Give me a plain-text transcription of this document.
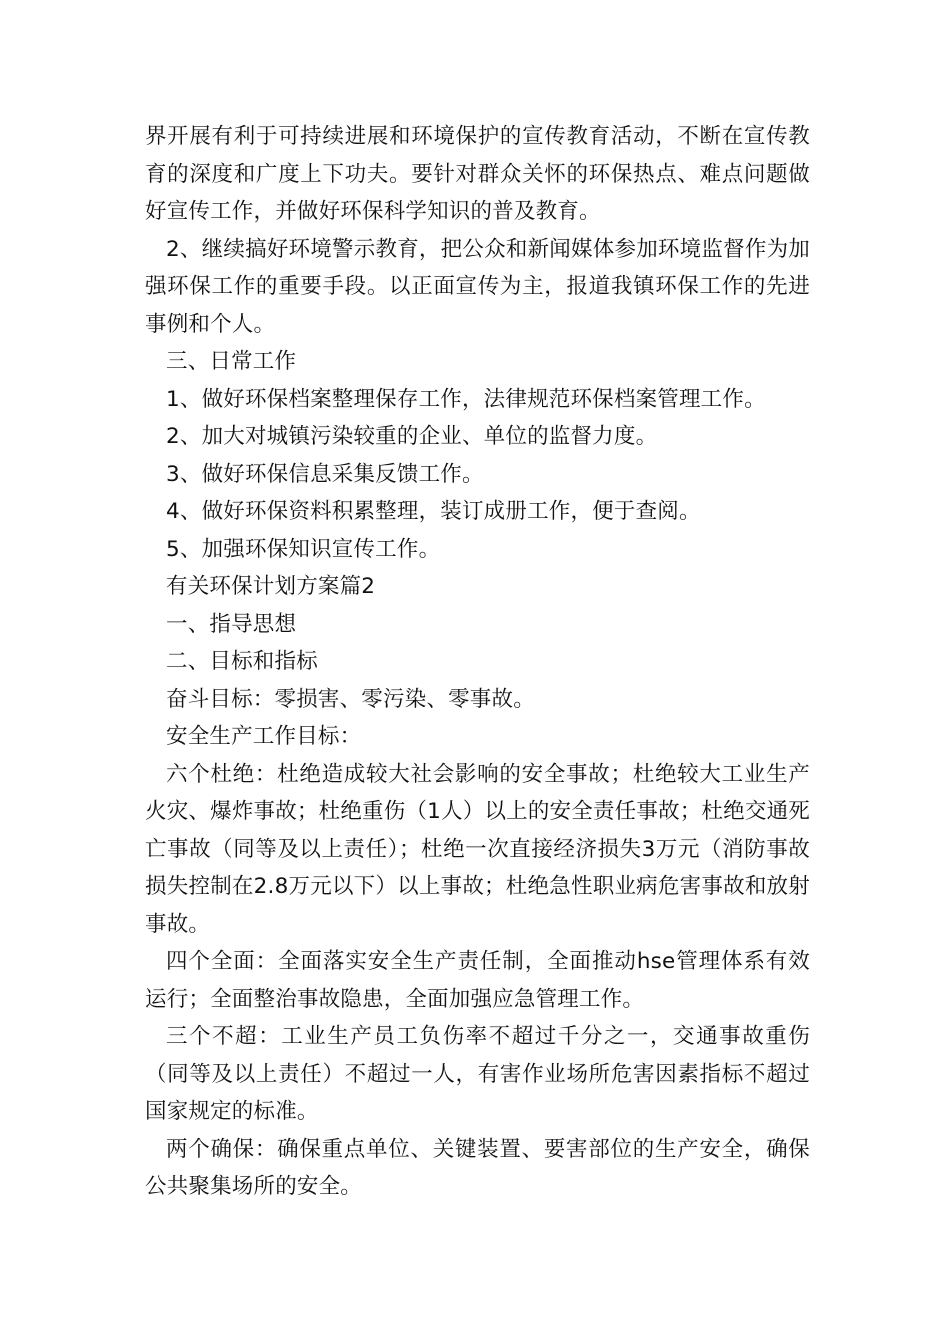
界开展有利于可持续进展和环境保护的宣传教育活动，不断在宣传教育的深度和广度上下功夫。要针对群众关怀的环保热点、难点问题做好宣传工作，并做好环保科学知识的普及教育。

2、继续搞好环境警示教育，把公众和新闻媒体参加环境监督作为加强环保工作的重要手段。以正面宣传为主，报道我镇环保工作的先进事例和个人。

三、日常工作

1、做好环保档案整理保存工作，法律规范环保档案管理工作。

2、加大对城镇污染较重的企业、单位的监督力度。

3、做好环保信息采集反馈工作。

4、做好环保资料积累整理，装订成册工作，便于查阅。

5、加强环保知识宣传工作。

有关环保计划方案篇2

一、指导思想

二、目标和指标

奋斗目标：零损害、零污染、零事故。

安全生产工作目标：

六个杜绝：杜绝造成较大社会影响的安全事故；杜绝较大工业生产火灾、爆炸事故；杜绝重伤（1人）以上的安全责任事故；杜绝交通死亡事故（同等及以上责任）；杜绝一次直接经济损失3万元（消防事故损失控制在2.8万元以下）以上事故；杜绝急性职业病危害事故和放射事故。

四个全面：全面落实安全生产责任制，全面推动hse管理体系有效运行；全面整治事故隐患，全面加强应急管理工作。

三个不超：工业生产员工负伤率不超过千分之一，交通事故重伤（同等及以上责任）不超过一人，有害作业场所危害因素指标不超过国家规定的标准。

两个确保：确保重点单位、关键装置、要害部位的生产安全，确保公共聚集场所的安全。
